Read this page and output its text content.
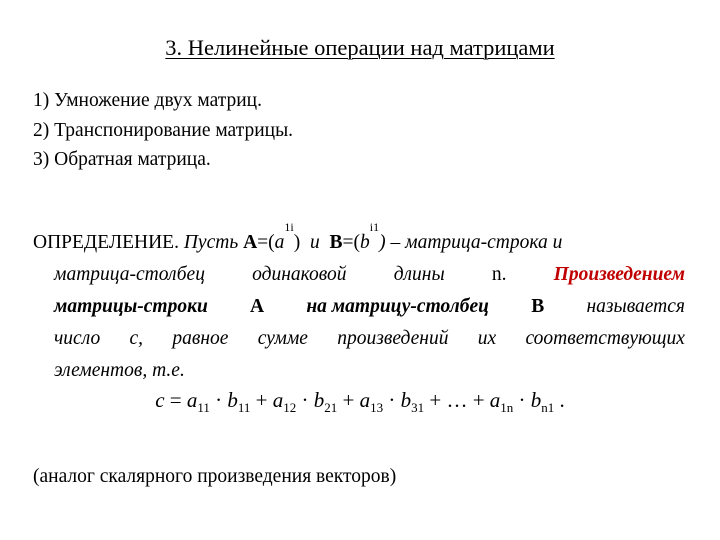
3. Нелинейные операции над матрицами
1) Умножение двух матриц.
2) Транспонирование матрицы.
3) Обратная матрица.
ОПРЕДЕЛЕНИЕ.
Пусть
A =( a
1i
)
и
B =( b
i1
) – матрица-строка и
матрица-столбец одинаковой длины n. Произведением
матрицы-строки A на матрицу-столбец B называется
число c, равное сумме произведений их соответствующих
элементов, т.е.
$c = a_{11} \cdot b_{11} + a_{12} \cdot b_{21} + a_{13} \cdot b_{31}$ + … + $a_{1n} \cdot b_{n1}$ .
(аналог скалярного произведения векторов)
